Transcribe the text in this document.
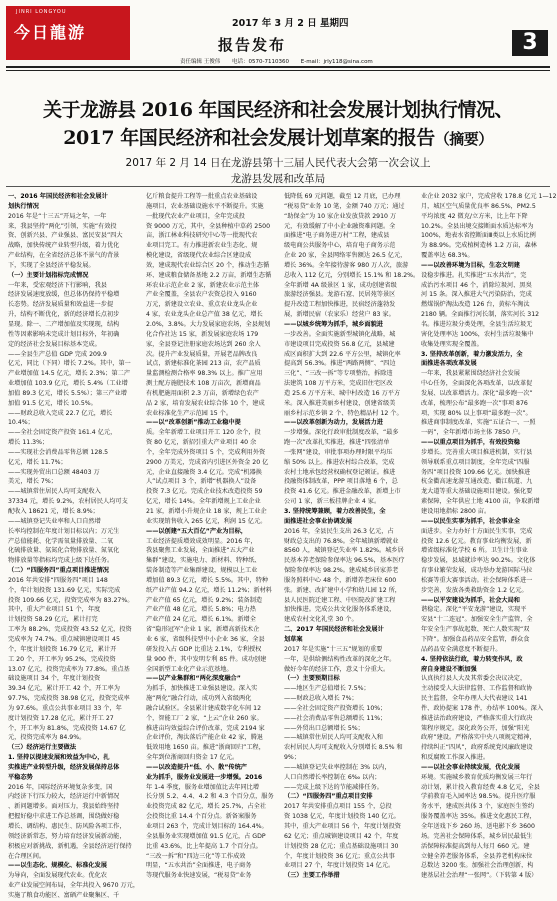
JINRI LONGYOU
今日龍游	2017 年 3 月 2 日 星期四
报告发布	3
责任编辑 王俊伟 电话：0570-7110360 E-mail：jrly118@sina.com
关于龙游县 2016 年国民经济和社会发展计划执行情况、
2017 年国民经济和社会发展计划草案的报告（摘要）
2017 年 2 月 14 日在龙游县第十三届人民代表大会第一次会议上
龙游县发展和改革局
一、2016 年国民经济和社会发展计
划执行情况
2016 年是“十三五”开局之年，一年
来，我县坚持“两化”引领，实施“有效投
资、创新兴县、产业强县、富民安县”四大
战略，加快传统产业转型升级，着力优化
产业结构，在全省经济总体不景气的背景
下，实现了全县经济平稳发展。
（一）主要计划指标完成情况
一年来，受宏观经济下行影响，我县
经济发展速度放缓，但总体仍保持平稳增
长态势。经济发展质量和效益进一步提
升，结构不断优化，新的经济增长点初步
显现。除一、二产增加值及实现现，结构
性等因素影响未完成计划目标外，年初确
定的经济社会发展目标基本完成。
——全县生产总值 GDP 完成 209.9
亿元，同比（下同）增长 7.2%。其中，第一
产业增加值 14.5 亿元，增长 2.3%；第二产
业增加值 103.9 亿元，增长 5.4%（工业增
加值 89.3 亿元，增长 5.5%）；第三产业增
加值 91.5 亿元，增长 10.5%。
——财政总收入完成 22.7 亿元，增长
10.4%；
——全社会固定资产投资 161.4 亿元，
增长 11.3%；
——实现社会消费品零售总额 128.5
亿元，增长 11.7%；
——实现外贸出口总额 48403 万
美元，增长 7%；
——城镇常住居民人均可支配收入
37334 元，增长 9.2%，农村居民人均可支
配收入 18621 元，增长 8.9%；
——城镇登记失业率和人口自然增
长率均控制在年度计划目标以内；万元生
产总值能耗、化学需氧量排放量、二氧
化硫排放量、氨氮化合物排放量、氮氧化
物排放量等指标均完成上级下达任务。
（二）“四服务四”重点项目推进情况
2016 年共安排“四服务四”项目 148
个，年计划投资 131.69 亿元，实际完成
投资 109.66 亿元，投资完成率为 83.27%。
其中，重大产业项目 51 个，年度
计划投资 58.29 亿元，累计打完
工率为 88.2%，完成投资 43.52 亿元，投资
完成率为 74.7%。重点城镇建设项目 45
个，年度计划投资 16.79 亿元，累计开
工 20 个，开工率为 95.2%，完成投资
13.07 亿元，投资完成率为 77.8%。重点基
础设施项目 34 个，年度计划投资
39.34 亿元，累计开工 42 个，开工率为
97.7%，完成投资 38.98 亿元，投资完成率
为 97.6%。重点公共事业项目 33 个，年
度计划投资 17.28 亿元，累计开工 27
个，开工率为 81.8%，完成投资 14.67 亿
元，投资完成率为 84.9%。
（三）经济运行主要做法
1. 坚持以提速发展和效益为中心，扎
实推进产业转型升级，经济发展保持总体
平稳态势
2016 年，国际经济环境复杂多变，国
内经济下行压力较大，经济运行中新情况
、新问题增多。面对压力，我县始终坚持
把握好稳中求进工作总基调，围绕做好稳
增长、调结构、惠民生、防风险各项工作，
领经济新常态，努力培育经济发展新动能，
积极应对新挑战，新机遇，全县经济运行保持
在合理区间。
——以生态化、规模化、标准化发展
为导向，全面发展现代农业。优化农
业产业发展空间布局，全年共投入 9670 万元，
实施了粮食功能区、富硒产业聚集区、千
亿斤粮食提升工程等一批重点农业基础设
施项目，农业基础设施水平不断提升。实施
一批现代农业产业项目，全年完成投
资 9000 万元，其中，全县种植中草药 2500
亩，浙江林业科技研究中心等一批现代农
业项目完工。有力推进新农业生态化、规
模化建设，省级现代农业综合区建设成
效，建成现代农业综合区 20 个，推动生态循
环、建成粮食储备基地 2.2 万亩，新增生态循
环农业示范企业 2 家，新建农业示范主体
产业全覆盖，全县农户农资总投入 9160
万元，新建设立农业、重点农业龙头企业
4 家，农业龙头企业总产值 38 亿元，增长
2.0%，3.8%。大力发展家庭农场，全县规划
化合作社达 15 家，新发展家庭农场 179
家，全县登记注册家庭农场达到 260 余人
次。提升产业发展质量，开展老品牌改良
试点，新建标准化茶园 213 亩，农产品质
量监测检测合格率 98.3% 以上。推广应用
测土配方施肥技术 108 万亩次，新增商品
有机肥施用面积 2.3 万亩，新增绿色农产
品 2 家，培育发展农业综合体 10 个，建成
农业标准化生产示范园 15 个。
——以“改革创新”推动工业稳中提
质。全年新增工业项目开工 120 余个，投
资 80 亿元，新招引重大产业项目 40 余
个，全年完成外资项目 5 个，完成利用外资
2900 万美元，完成省内引进区外资金 20 亿
元，企业直接融资 3.4 亿元。完成“机器换
人”试点项目 3 个，新增“机器换人”设备
投资 7.3 亿元。完成企业技术改造投资 59
亿元，增长 14%。全年新增规上工业企业
21 家，新增小升规企业 18 家，规上工业企
业实现销售收入 265 亿元，利润 15 亿元。
——以创建“五大百亿”产业为目标，
工业经济提质增效成效明显。2016 年，
我县聚焦工业发展，全面推进“五大产业
集群”建设，实施电力、新材料、特种纸、
装备制造等产业集群建设，规模以上工业
增加值 89.3 亿元，增长 5.5%。其中，特种
纸产业产值 94.2 亿元，增长 11.2%；新材料
产业产值 65 亿元，增长 9.2%；装备制造
产业产值 48 亿元，增长 5.8%；电力热
产业产值 24 亿元，增长 6.1%。新增全
省“隐形冠军”企业 1 家，新增高新技术企
业 6 家，省级科技型中小企业 36 家，全县
研发投入占 GDP 比重达 2.1%，专利授权
量 900 件，其中发明专利 85 件。成功创建
全国新型工业化产业示范基地。
——以产业集群和“两化深度融合”
为抓手，加快推进工业强县建设。深入实
施“两化”融合行动，成功列入省级两化
融合试验区。全县累计建成数字化车间 12
个，智能工厂 2 家，“上云”企业 260 家。
推进亩均效益综合评价改革，完成 2194 家
企业评价，淘汰落后产能企业 42 家，腾退
低效用地 1650 亩。推进“浙商回归”工程，
全年到位浙商回归资金 17 亿元。
——以改造提升“低、小、散”传统产
业为抓手，服务业发展进一步增强。2016
年 1-4 季度，服务业增加值比去年同比增
长分别 5.2、4.4、4.2 和 4.3 个百分点，服务
业投资完成 82 亿元，增长 25.7%，占全社
会投资比重 14.4 个百分点。新备案服务
业项目 263 个，完成计划目标的 164.4%。
全县服务业实现增加值 91.5 亿元，占 GDP
比重 43.6%，比上年提高 1.7 个百分点。
“三改一拆”和“四边三化”等工作成效
明显，“五水共治”全面推进，电子商务
等现代服务业快速发展，“税易贷”业务
低降低 69 元问题，截至 12 月底，已办理
“税易贷”业务 10 笔，金额 740 万元；通过
“助保金”为 10 家企业发放贷款 2910 万
元，有效缓解了中小企业融资难问题。全
面推进“电子商务进万村”工程，建成县
级电商公共服务中心，培育电子商务示范
企业 20 家，全县网络零售额达 26.5 亿元，
增长 36%。全年接待游客 980 万人次，旅游
总收入 112 亿元，分别增长 15.1% 和 18.2%。
全年新增 4A 级景区 1 家，成功创建省级
旅游经济强县。龙游石窟、民居苑等景区
提升改造工程加快推进，民宿经济蓬勃发
展，新增民宿（农家乐）经营户 83 家。
——以城乡统筹为抓手，城乡面貌进
一步改善。全面实施新型城镇化战略，城
市建设项目完成投资 56.8 亿元，县城建
成区面积扩大到 22.6 平方公里，城镇化率
提高到 56.3%。推进“两路两侧”、“四边
三化”、“三改一拆”等专项整治，拆除违
法建筑 108 万平方米，完成旧住宅区改
造 25.6 万平方米、城中村改造 16 万平方
米。深入推进美丽乡村建设，创建省级美
丽乡村示范乡镇 2 个、特色精品村 12 个。
——以改革创新为动力，发展活力进
一步增强。深化行政审批制度改革，“最多
跑一次”改革扎实推进，推进“四张清单
一张网”建设，审批事项办理时限平均压
缩 50% 以上。推进农村综合改革，完成
农村土地承包经营权确权登记颁证。推进
投融资体制改革，PPP 项目落地 6 个，总
投资 41.6 亿元。推进金融改革，新增上市
公司 1 家，新三板挂牌企业 4 家。
3. 坚持统筹兼顾，着力改善民生，全
面推进社会事业协调发展
2016 年，全县民生支出 26.3 亿元，占
财政总支出的 76.8%。全年城镇新增就业
8560 人，城镇登记失业率 1.82%。城乡居
民基本养老保险参保率达 96.5%，基本医疗
保险参保率达 98.2%。建成城乡居家养老
服务照料中心 48 个，新增养老床位 600
张。新建、改扩建中小学和幼儿园 12 所，
县人民医院迁建工程、中医院改扩建工程
加快推进。完成公共文化服务体系建设，
建成农村文化礼堂 30 个。
二、2017 年国民经济和社会发展计
划草案
2017 年是实施“十三五”规划的重要
一年，是供给侧结构性改革的深化之年。
做好今年的经济工作，意义十分重大。
（一）主要预期目标
——地区生产总值增长 7.5%；
——财政总收入增长 7%；
——全社会固定资产投资增长 10%；
——社会消费品零售总额增长 11%；
——外贸出口总额增长 5%；
——城镇常住居民人均可支配收入和
农村居民人均可支配收入分别增长 8.5% 和
9%；
——城镇登记失业率控制在 3% 以内，
人口自然增长率控制在 6‰ 以内；
——完成上级下达的节能减排任务。
（二）“四服务四”重点项目安排
2017 年共安排重点项目 155 个，总投
资 1038 亿元，年度计划投资 140 亿元。
其中，重大产业项目 56 个，年度计划投资
62 亿元；重点城镇建设项目 42 个，年度
计划投资 28 亿元；重点基础设施项目 30
个，年度计划投资 36 亿元；重点公共事
业项目 27 个，年度计划投资 14 亿元。
（三）主要工作举措
业企业 2032 家户，完成营收 178.8 亿元 1—12
月，城区空气质量优良率 86.5%，PM2.5
平均浓度 42 微克/立方米，比上年下降
10.2%。全县出境交接断面水质达标率为
100%，地表水省控断面Ⅲ类以上水质比例
为 88.9%。完成植树造林 1.2 万亩，森林
覆盖率达 68.3%。
——以改善环境为目标，生态文明建
设稳步推进。扎实推进“五水共治”，完
成治污水项目 46 个，消除垃圾河、黑臭
河 15 条。深入推进大气污染防治，完成
燃煤锅炉淘汰改造 126 台，黄标车淘汰
2180 辆。全面推行河长制，落实河长 312
名。推进垃圾分类处理，全县生活垃圾无
害化处理率达 100%，农村生活垃圾集中
收集处理实现全覆盖。
3. 坚持改革创新，着力激发活力，全
面推进各项改革发展
一年来，我县紧紧围绕经济社会发展
中心任务，全面深化各项改革，以改革促
发展、以改革增活力。深化“最多跑一次”
改革，梳理公布“最多跑一次”事项 876
项，实现 80% 以上事项“最多跑一次”。
推进商事制度改革，实施“五证合一、一照
一码”，全年新增市场主体 7850 户。
——以重点项目为抓手，有效投资稳
步增长。完善重大项目推进机制，实行县
领导联系重点项目制度，全年完成“四服
务四”项目投资 109.66 亿元。加快推进
杭金衢高速龙游互通改造、衢江航道、九
龙大道等重大基础设施项目建设。强化要
素保障，全年供应土地 4100 亩，争取新增
建设用地指标 2800 亩。
——以民生实事为抓手，社会事业全
面进步。全力办好十方面民生实事，完成
投资 12.6 亿元。教育事业均衡发展，新
增省级标准化学校 6 所。卫生计生事业
稳步发展，县域就诊率达 90.2%。文化体
育事业繁荣发展，成功举办龙游国际马拉
松赛等重大赛事活动。社会保障体系进一
步完善，发放各类救助资金 1.2 亿元。
——以平安建设为抓手，社会大局和
谐稳定。深化“平安龙游”建设，实现平
安县“十二连冠”。加强安全生产监管，全
年安全生产事故起数、死亡人数实现“双
下降”。加强食品药品安全监管，群众食
品药品安全满意度不断提升。
4. 坚持依法行政，着力转变作风，政
府自身建设不断加强
认真执行县人大及其常委会决议决定，
主动接受人大法律监督、工作监督和政协
民主监督，全年办理人大代表建议 141
件、政协提案 178 件，办结率 100%。深入
推进法治政府建设，严格落实重大行政决
策程序规定。深化政务公开，加强“阳光
政府”建设。严格落实中央八项规定精神，
持续纠正“四风”，政府系统党风廉政建设
和反腐败工作深入推进。
——以社会事业持续发展，优化发展
环境。实施城乡教育优质均衡发展三年行
动计划，累计投入教育经费 4.8 亿元，全县
学前教育毛入园率达 98.5%。提升医疗服
务水平，建成医共体 3 个，家庭医生签约
服务覆盖率达 35%。推进文化惠民工程，
全年送戏下乡 260 场、送电影下乡 3600
场。完善社会保障体系，城乡居民最低生
活保障标准提高到每人每月 660 元。建
立健全养老服务体系，全县养老机构床位
总数达 3200 张。加强社会治理创新，构
建基层社会治理“一张网”。（下转第 4 版）
